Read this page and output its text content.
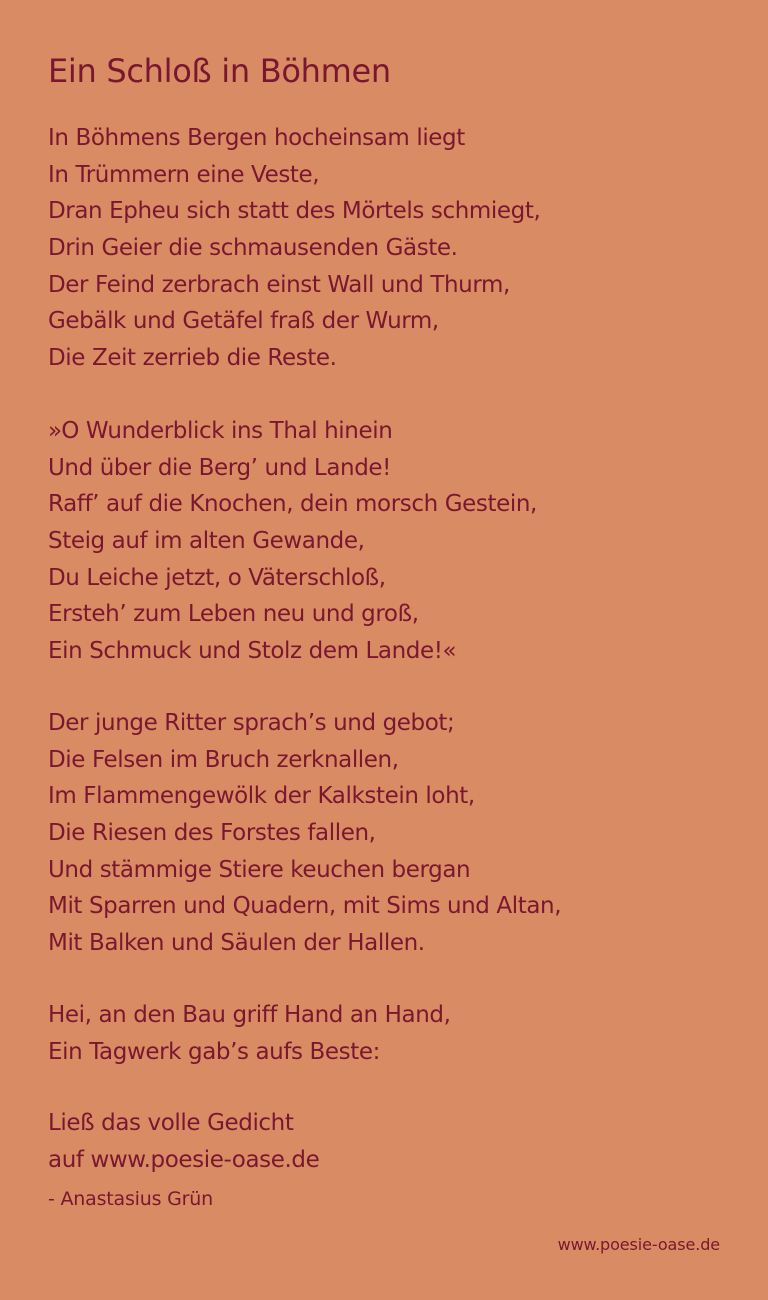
Ein Schloß in Böhmen
In Böhmens Bergen hocheinsam liegt
In Trümmern eine Veste,
Dran Epheu sich statt des Mörtels schmiegt,
Drin Geier die schmausenden Gäste.
Der Feind zerbrach einst Wall und Thurm,
Gebälk und Getäfel fraß der Wurm,
Die Zeit zerrieb die Reste.
»O Wunderblick ins Thal hinein
Und über die Berg’ und Lande!
Raff’ auf die Knochen, dein morsch Gestein,
Steig auf im alten Gewande,
Du Leiche jetzt, o Väterschloß,
Ersteh’ zum Leben neu und groß,
Ein Schmuck und Stolz dem Lande!«
Der junge Ritter sprach’s und gebot;
Die Felsen im Bruch zerknallen,
Im Flammengewölk der Kalkstein loht,
Die Riesen des Forstes fallen,
Und stämmige Stiere keuchen bergan
Mit Sparren und Quadern, mit Sims und Altan,
Mit Balken und Säulen der Hallen.
Hei, an den Bau griff Hand an Hand,
Ein Tagwerk gab’s aufs Beste:
Ließ das volle Gedicht
auf www.poesie-oase.de
- Anastasius Grün
www.poesie-oase.de
